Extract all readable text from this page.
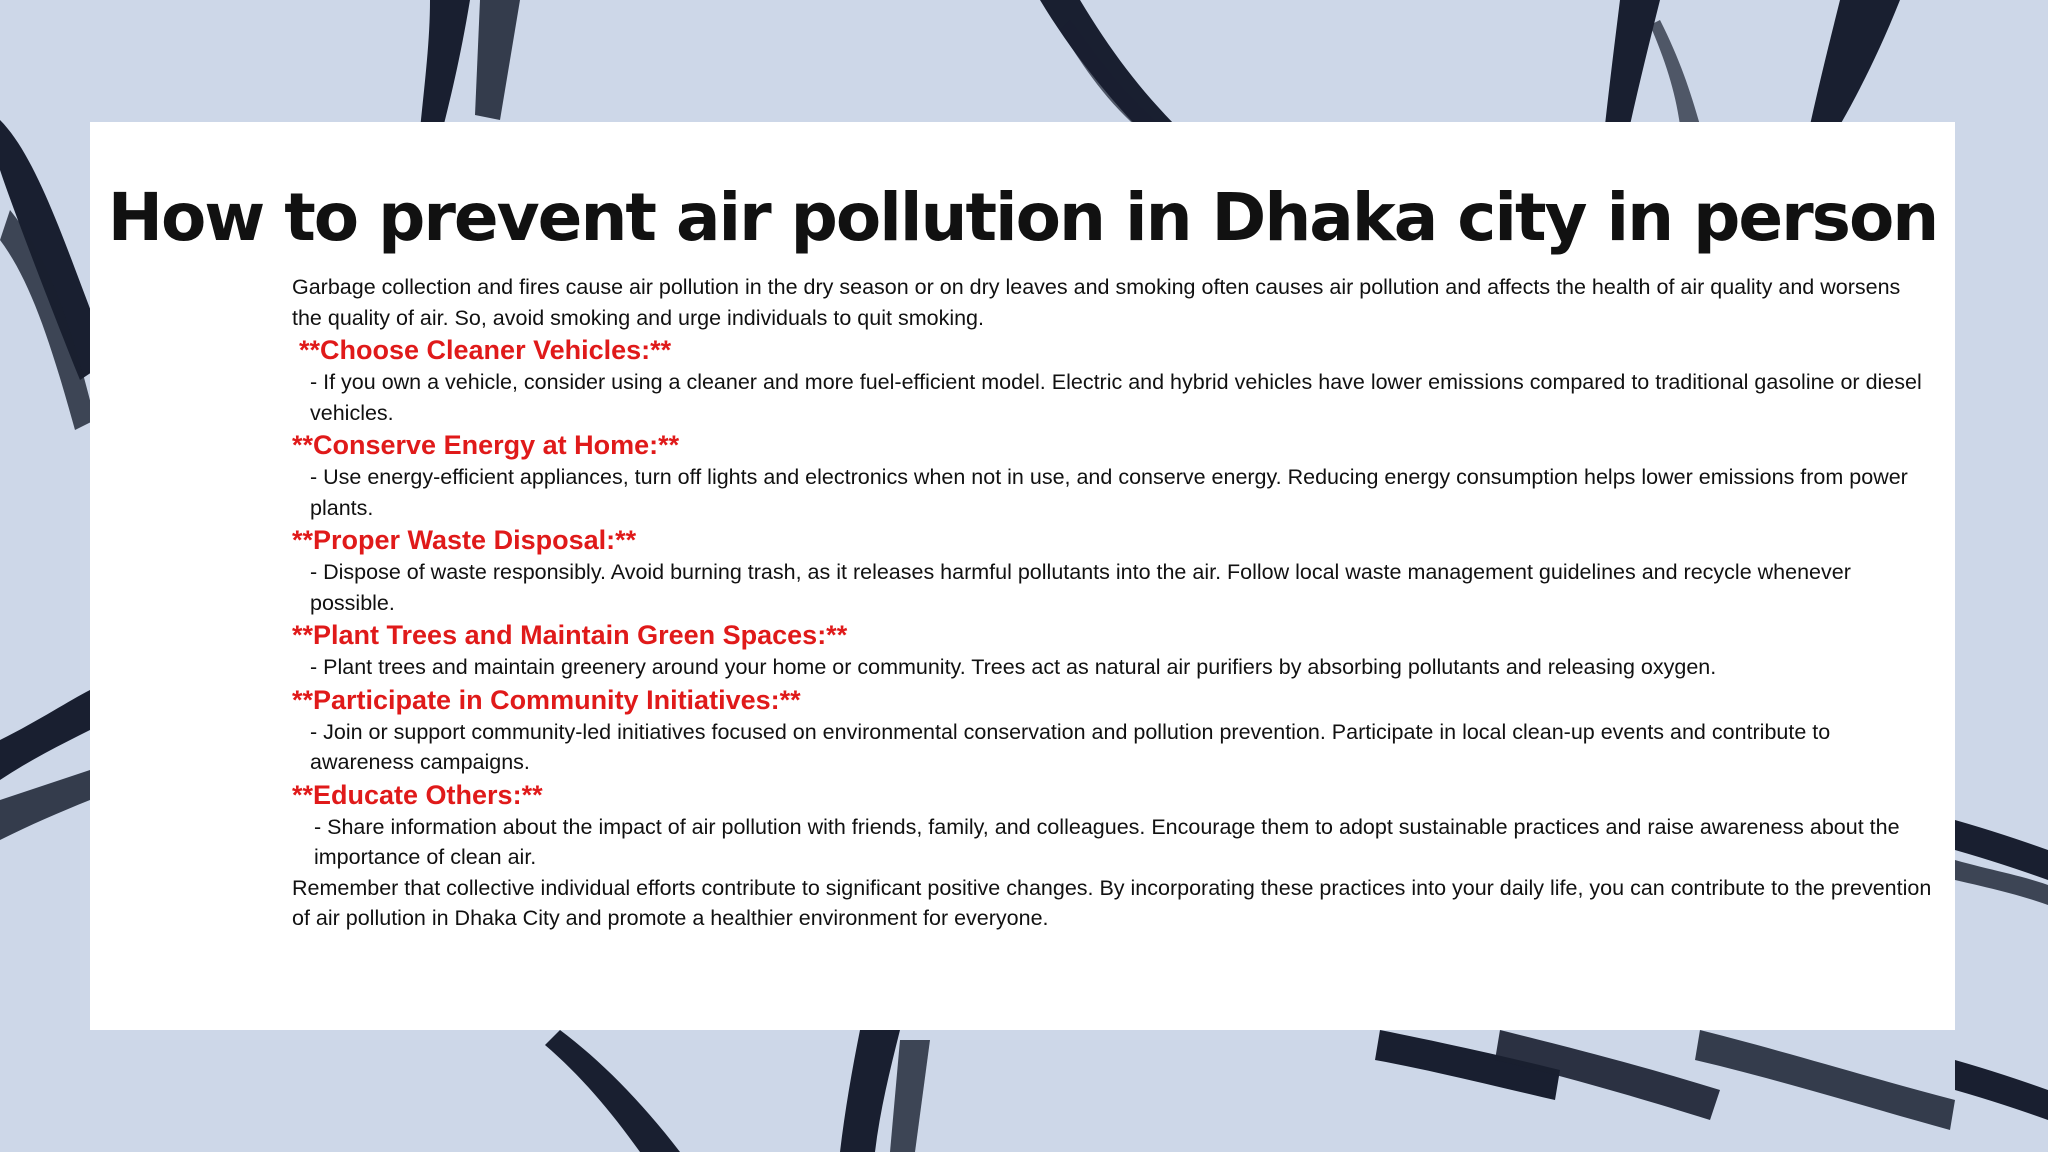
How to prevent air pollution in Dhaka city in person

Garbage collection and fires cause air pollution in the dry season or on dry leaves and smoking often causes air pollution and affects the health of air quality and worsens the quality of air. So, avoid smoking and urge individuals to quit smoking.

**Choose Cleaner Vehicles:**

- If you own a vehicle, consider using a cleaner and more fuel-efficient model. Electric and hybrid vehicles have lower emissions compared to traditional gasoline or diesel vehicles.

**Conserve Energy at Home:**

- Use energy-efficient appliances, turn off lights and electronics when not in use, and conserve energy. Reducing energy consumption helps lower emissions from power plants.

**Proper Waste Disposal:**

- Dispose of waste responsibly. Avoid burning trash, as it releases harmful pollutants into the air. Follow local waste management guidelines and recycle whenever possible.

**Plant Trees and Maintain Green Spaces:**

- Plant trees and maintain greenery around your home or community. Trees act as natural air purifiers by absorbing pollutants and releasing oxygen.

**Participate in Community Initiatives:**

- Join or support community-led initiatives focused on environmental conservation and pollution prevention. Participate in local clean-up events and contribute to awareness campaigns.

**Educate Others:**

- Share information about the impact of air pollution with friends, family, and colleagues. Encourage them to adopt sustainable practices and raise awareness about the importance of clean air.

Remember that collective individual efforts contribute to significant positive changes. By incorporating these practices into your daily life, you can contribute to the prevention of air pollution in Dhaka City and promote a healthier environment for everyone.
